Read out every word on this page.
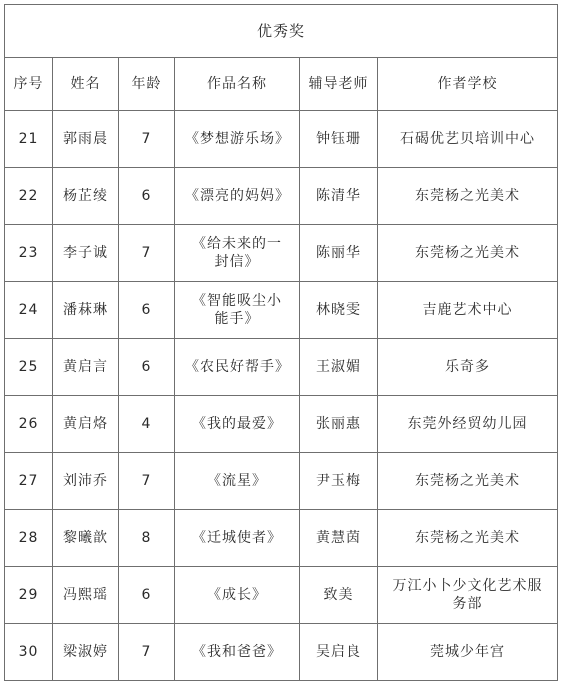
优秀奖					
序号	姓名	年龄	作品名称	辅导老师	作者学校
21	郭雨晨	7	《梦想游乐场》	钟钰珊	石碣优艺贝培训中心
22	杨芷绫	6	《漂亮的妈妈》	陈清华	东莞杨之光美术
23	李子诚	7	《给未来的一封信》	陈丽华	东莞杨之光美术
24	潘菻琳	6	《智能吸尘小能手》	林晓雯	吉鹿艺术中心
25	黄启言	6	《农民好帮手》	王淑媚	乐奇多
26	黄启烙	4	《我的最爱》	张丽惠	东莞外经贸幼儿园
27	刘沛乔	7	《流星》	尹玉梅	东莞杨之光美术
28	黎曦歆	8	《迁城使者》	黄慧茵	东莞杨之光美术
29	冯熙瑶	6	《成长》	致美	万江小卜少文化艺术服务部
30	梁淑婷	7	《我和爸爸》	吴启良	莞城少年宫
